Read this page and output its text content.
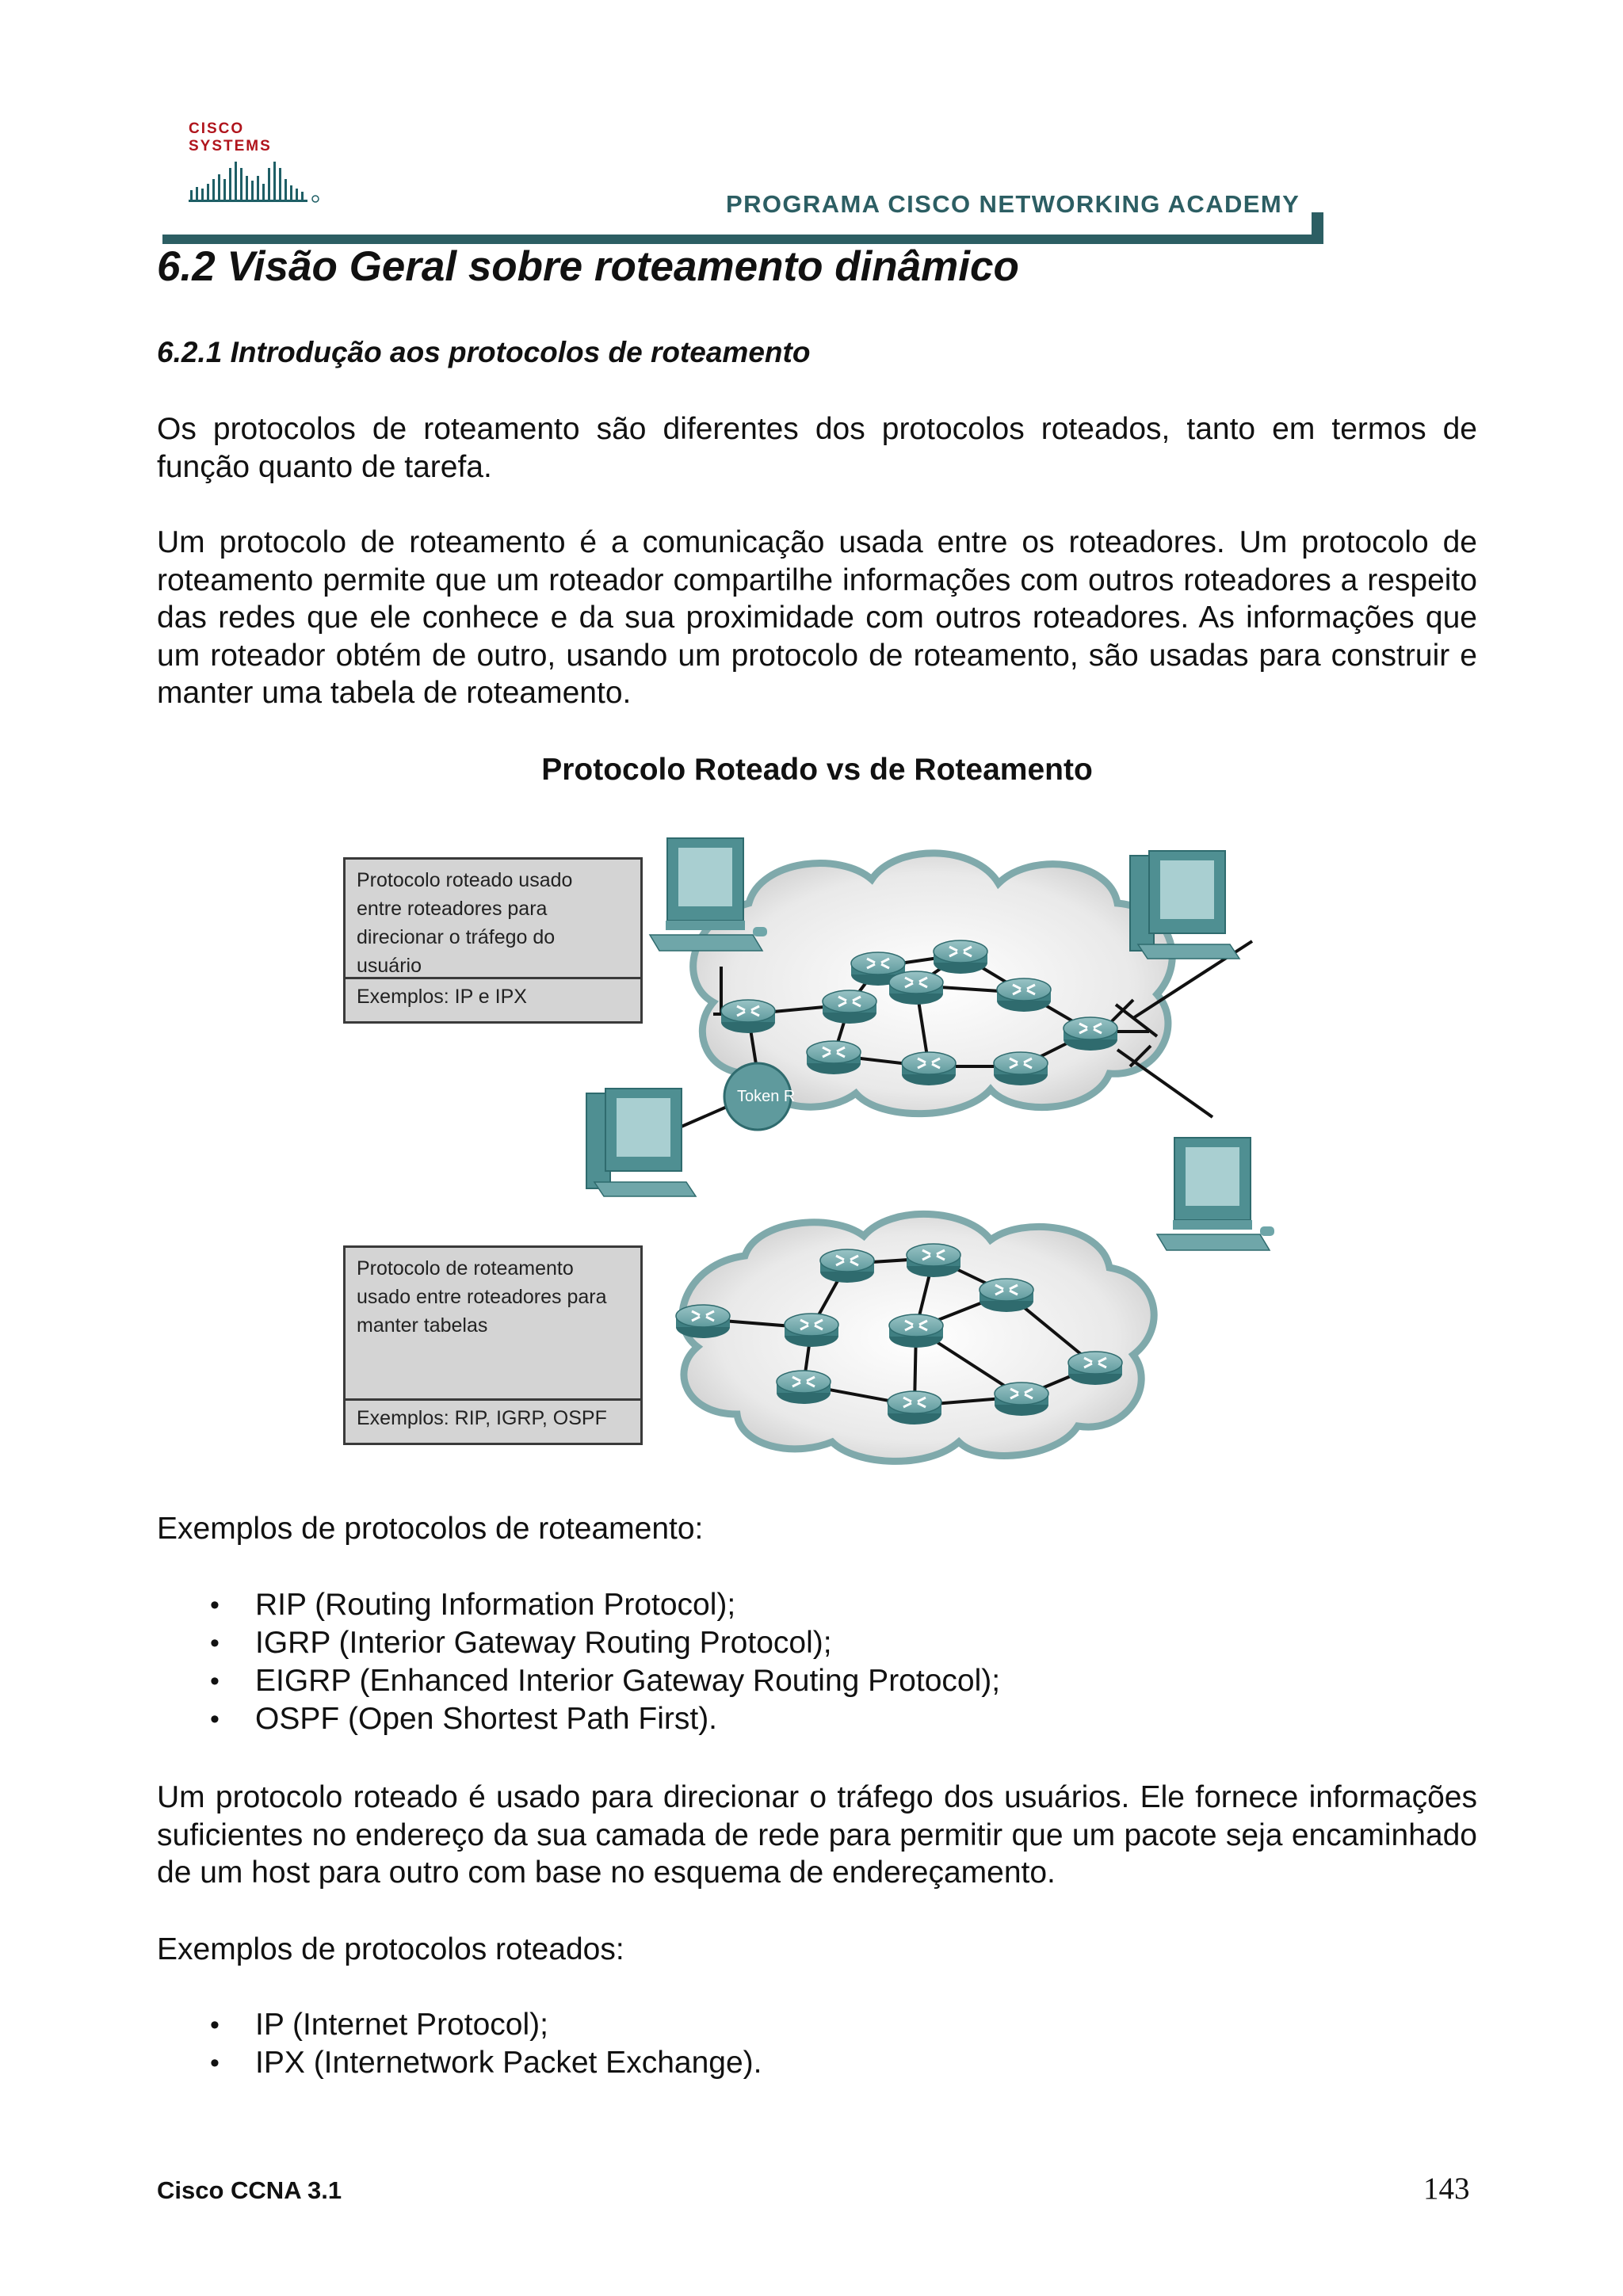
CISCO SYSTEMS
PROGRAMA CISCO NETWORKING ACADEMY
6.2 Visão Geral sobre roteamento dinâmico
6.2.1 Introdução aos protocolos de roteamento

Os protocolos de roteamento são diferentes dos protocolos roteados, tanto em termos de função quanto de tarefa.

Um protocolo de roteamento é a comunicação usada entre os roteadores. Um protocolo de roteamento permite que um roteador compartilhe informações com outros roteadores a respeito das redes que ele conhece e da sua proximidade com outros roteadores. As informações que um roteador obtém de outro, usando um protocolo de roteamento, são usadas para construir e manter uma tabela de roteamento.

Protocolo Roteado vs de Roteamento
Token R
Protocolo roteado usado
entre roteadores para
direcionar o tráfego do
usuário
Exemplos: IP e IPX
Protocolo de roteamento
usado entre roteadores para
manter tabelas
Exemplos: RIP, IGRP, OSPF

Exemplos de protocolos de roteamento:

• RIP (Routing Information Protocol);
• IGRP (Interior Gateway Routing Protocol);
• EIGRP (Enhanced Interior Gateway Routing Protocol);
• OSPF (Open Shortest Path First).

Um protocolo roteado é usado para direcionar o tráfego dos usuários. Ele fornece informações suficientes no endereço da sua camada de rede para permitir que um pacote seja encaminhado de um host para outro com base no esquema de endereçamento.

Exemplos de protocolos roteados:

• IP (Internet Protocol);
• IPX (Internetwork Packet Exchange).
Cisco CCNA 3.1	143
